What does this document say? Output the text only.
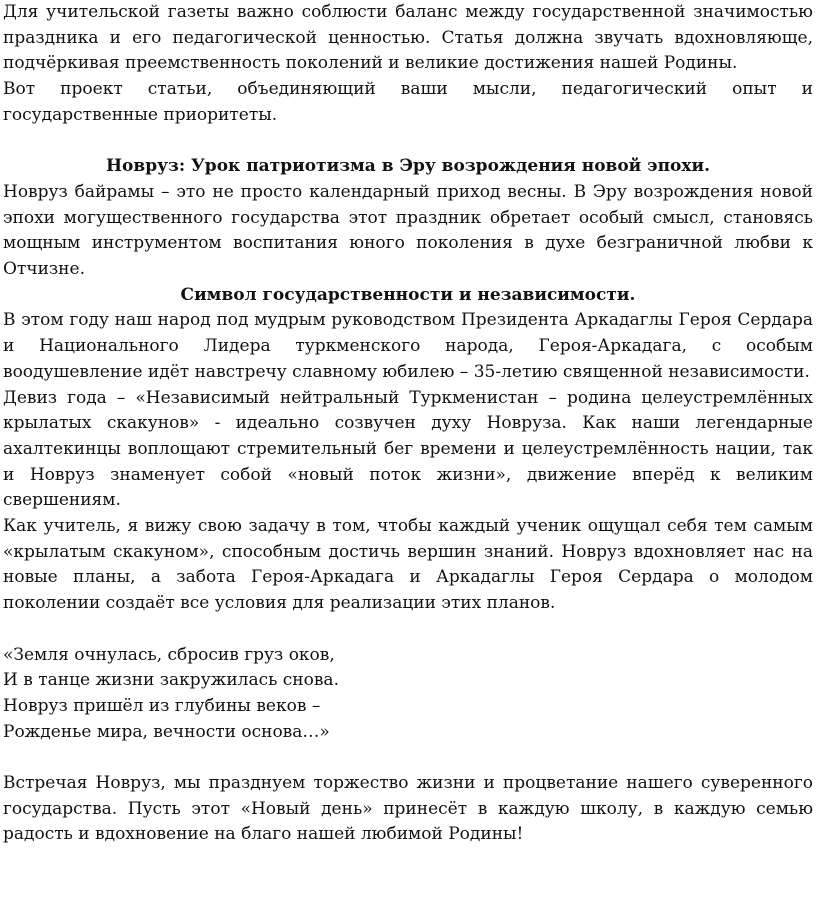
Для учительской газеты важно соблюсти баланс между государственной значимостью праздника и его педагогической ценностью. Статья должна звучать вдохновляюще, подчёркивая преемственность поколений и великие достижения нашей Родины.

Вот проект статьи, объединяющий ваши мысли, педагогический опыт и государственные приоритеты.

Новруз: Урок патриотизма в Эру возрождения новой эпохи.

Новруз байрамы – это не просто календарный приход весны. В Эру возрождения новой эпохи могущественного государства этот праздник обретает особый смысл, становясь мощным инструментом воспитания юного поколения в духе безграничной любви к Отчизне.

Символ государственности и независимости.

В этом году наш народ под мудрым руководством Президента Аркадаглы Героя Сердара и Национального Лидера туркменского народа, Героя-Аркадага, с особым воодушевление идёт навстречу славному юбилею – 35-летию священной независимости.

Девиз года – «Независимый нейтральный Туркменистан – родина целеустремлённых крылатых скакунов» - идеально созвучен духу Новруза. Как наши легендарные ахалтекинцы воплощают стремительный бег времени и целеустремлённость нации, так и Новруз знаменует собой «новый поток жизни», движение вперёд к великим свершениям.

Как учитель, я вижу свою задачу в том, чтобы каждый ученик ощущал себя тем самым «крылатым скакуном», способным достичь вершин знаний. Новруз вдохновляет нас на новые планы, а забота Героя-Аркадага и Аркадаглы Героя Сердара о молодом поколении создаёт все условия для реализации этих планов.

«Земля очнулась, сбросив груз оков,
И в танце жизни закружилась снова.
Новруз пришёл из глубины веков –
Рожденье мира, вечности основа…»

Встречая Новруз, мы празднуем торжество жизни и процветание нашего суверенного государства. Пусть этот «Новый день» принесёт в каждую школу, в каждую семью радость и вдохновение на благо нашей любимой Родины!
